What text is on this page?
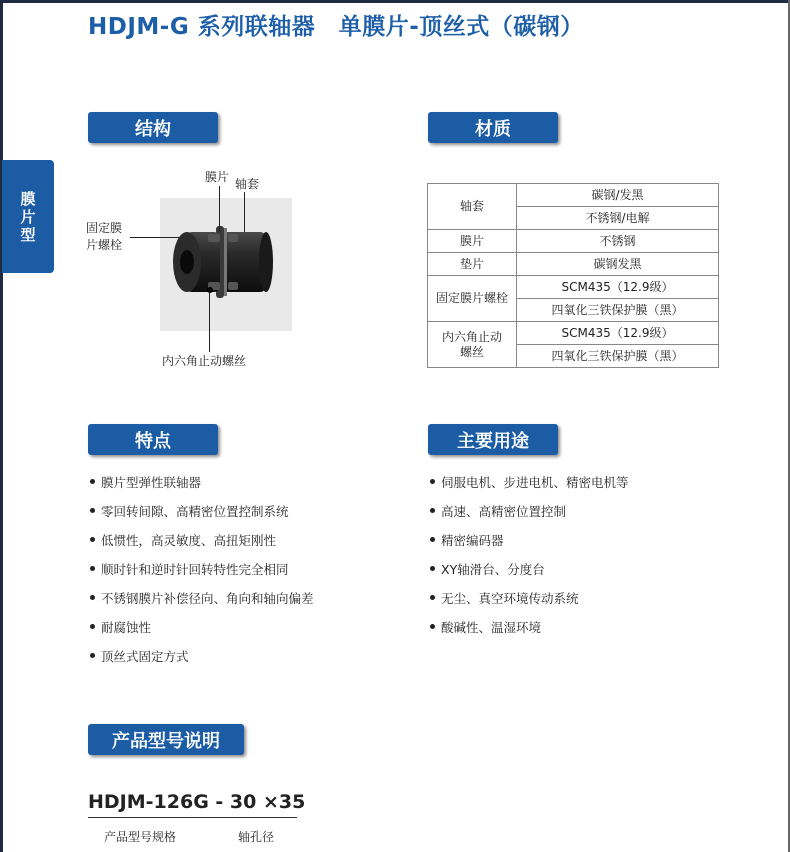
HDJM-G 系列联轴器　单膜片-顶丝式（碳钢）
膜
片
型
结构	材质
特点	主要用途
产品型号说明
膜片 轴套
固定膜
片螺栓
内六角止动螺丝
轴套	碳钢/发黑
	不锈钢/电解
膜片	不锈钢
垫片	碳钢发黑
固定膜片螺栓	SCM435（12.9级）
	四氧化三铁保护膜（黑）
内六角止动
螺丝	SCM435（12.9级）
	四氧化三铁保护膜（黑）
膜片型弹性联轴器
零回转间隙、高精密位置控制系统
低惯性，高灵敏度、高扭矩刚性
顺时针和逆时针回转特性完全相同
不锈钢膜片补偿径向、角向和轴向偏差
耐腐蚀性
顶丝式固定方式
伺服电机、步进电机、精密电机等
高速、高精密位置控制
精密编码器
XY轴滑台、分度台
无尘、真空环境传动系统
酸碱性、温湿环境
HDJM-126G - 30 ×35
产品型号规格	轴孔径
